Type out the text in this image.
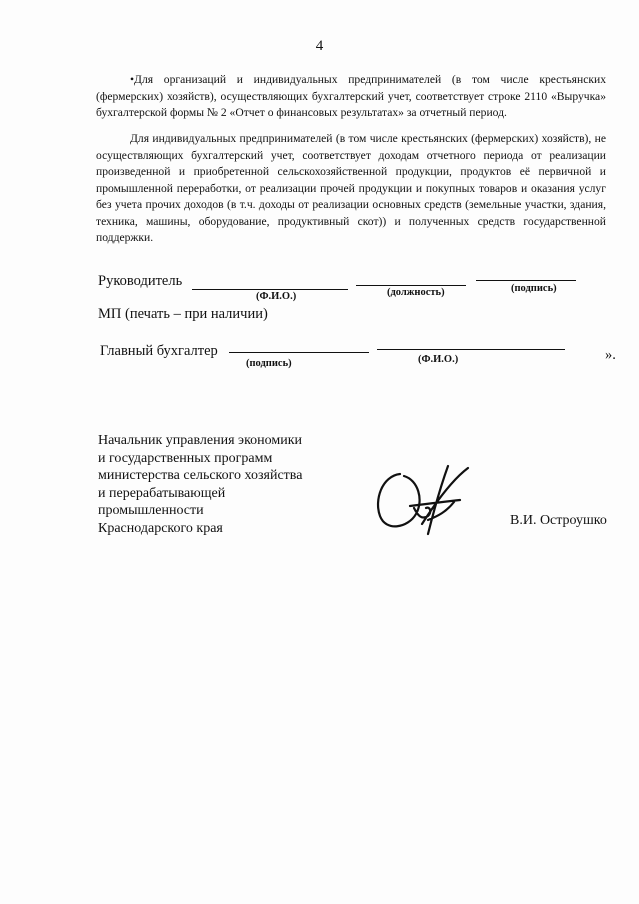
4

•Для организаций и индивидуальных предпринимателей (в том числе крестьянских (фермерских) хозяйств), осуществляющих бухгалтерский учет, соответствует строке 2110 «Выручка» бухгалтерской формы № 2 «Отчет о финансовых результатах» за отчетный период.

Для индивидуальных предпринимателей (в том числе крестьянских (фермерских) хозяйств), не осуществляющих бухгалтерский учет, соответствует доходам отчетного периода от реализации произведенной и приобретенной сельскохозяйственной продукции, продуктов её первичной и промышленной переработки, от реализации прочей продукции и покупных товаров и оказания услуг без учета прочих доходов (в т.ч. доходы от реализации основных средств (земельные участки, здания, техника, машины, оборудование, продуктивный скот)) и полученных средств государственной поддержки.

Руководитель
(Ф.И.О.)	(должность)	(подпись)
МП (печать – при наличии)
Главный бухгалтер
(подпись)	(Ф.И.О.)	».
Начальник управления экономики
и государственных программ
министерства сельского хозяйства
и перерабатывающей
промышленности
Краснодарского края	В.И. Остроушко
